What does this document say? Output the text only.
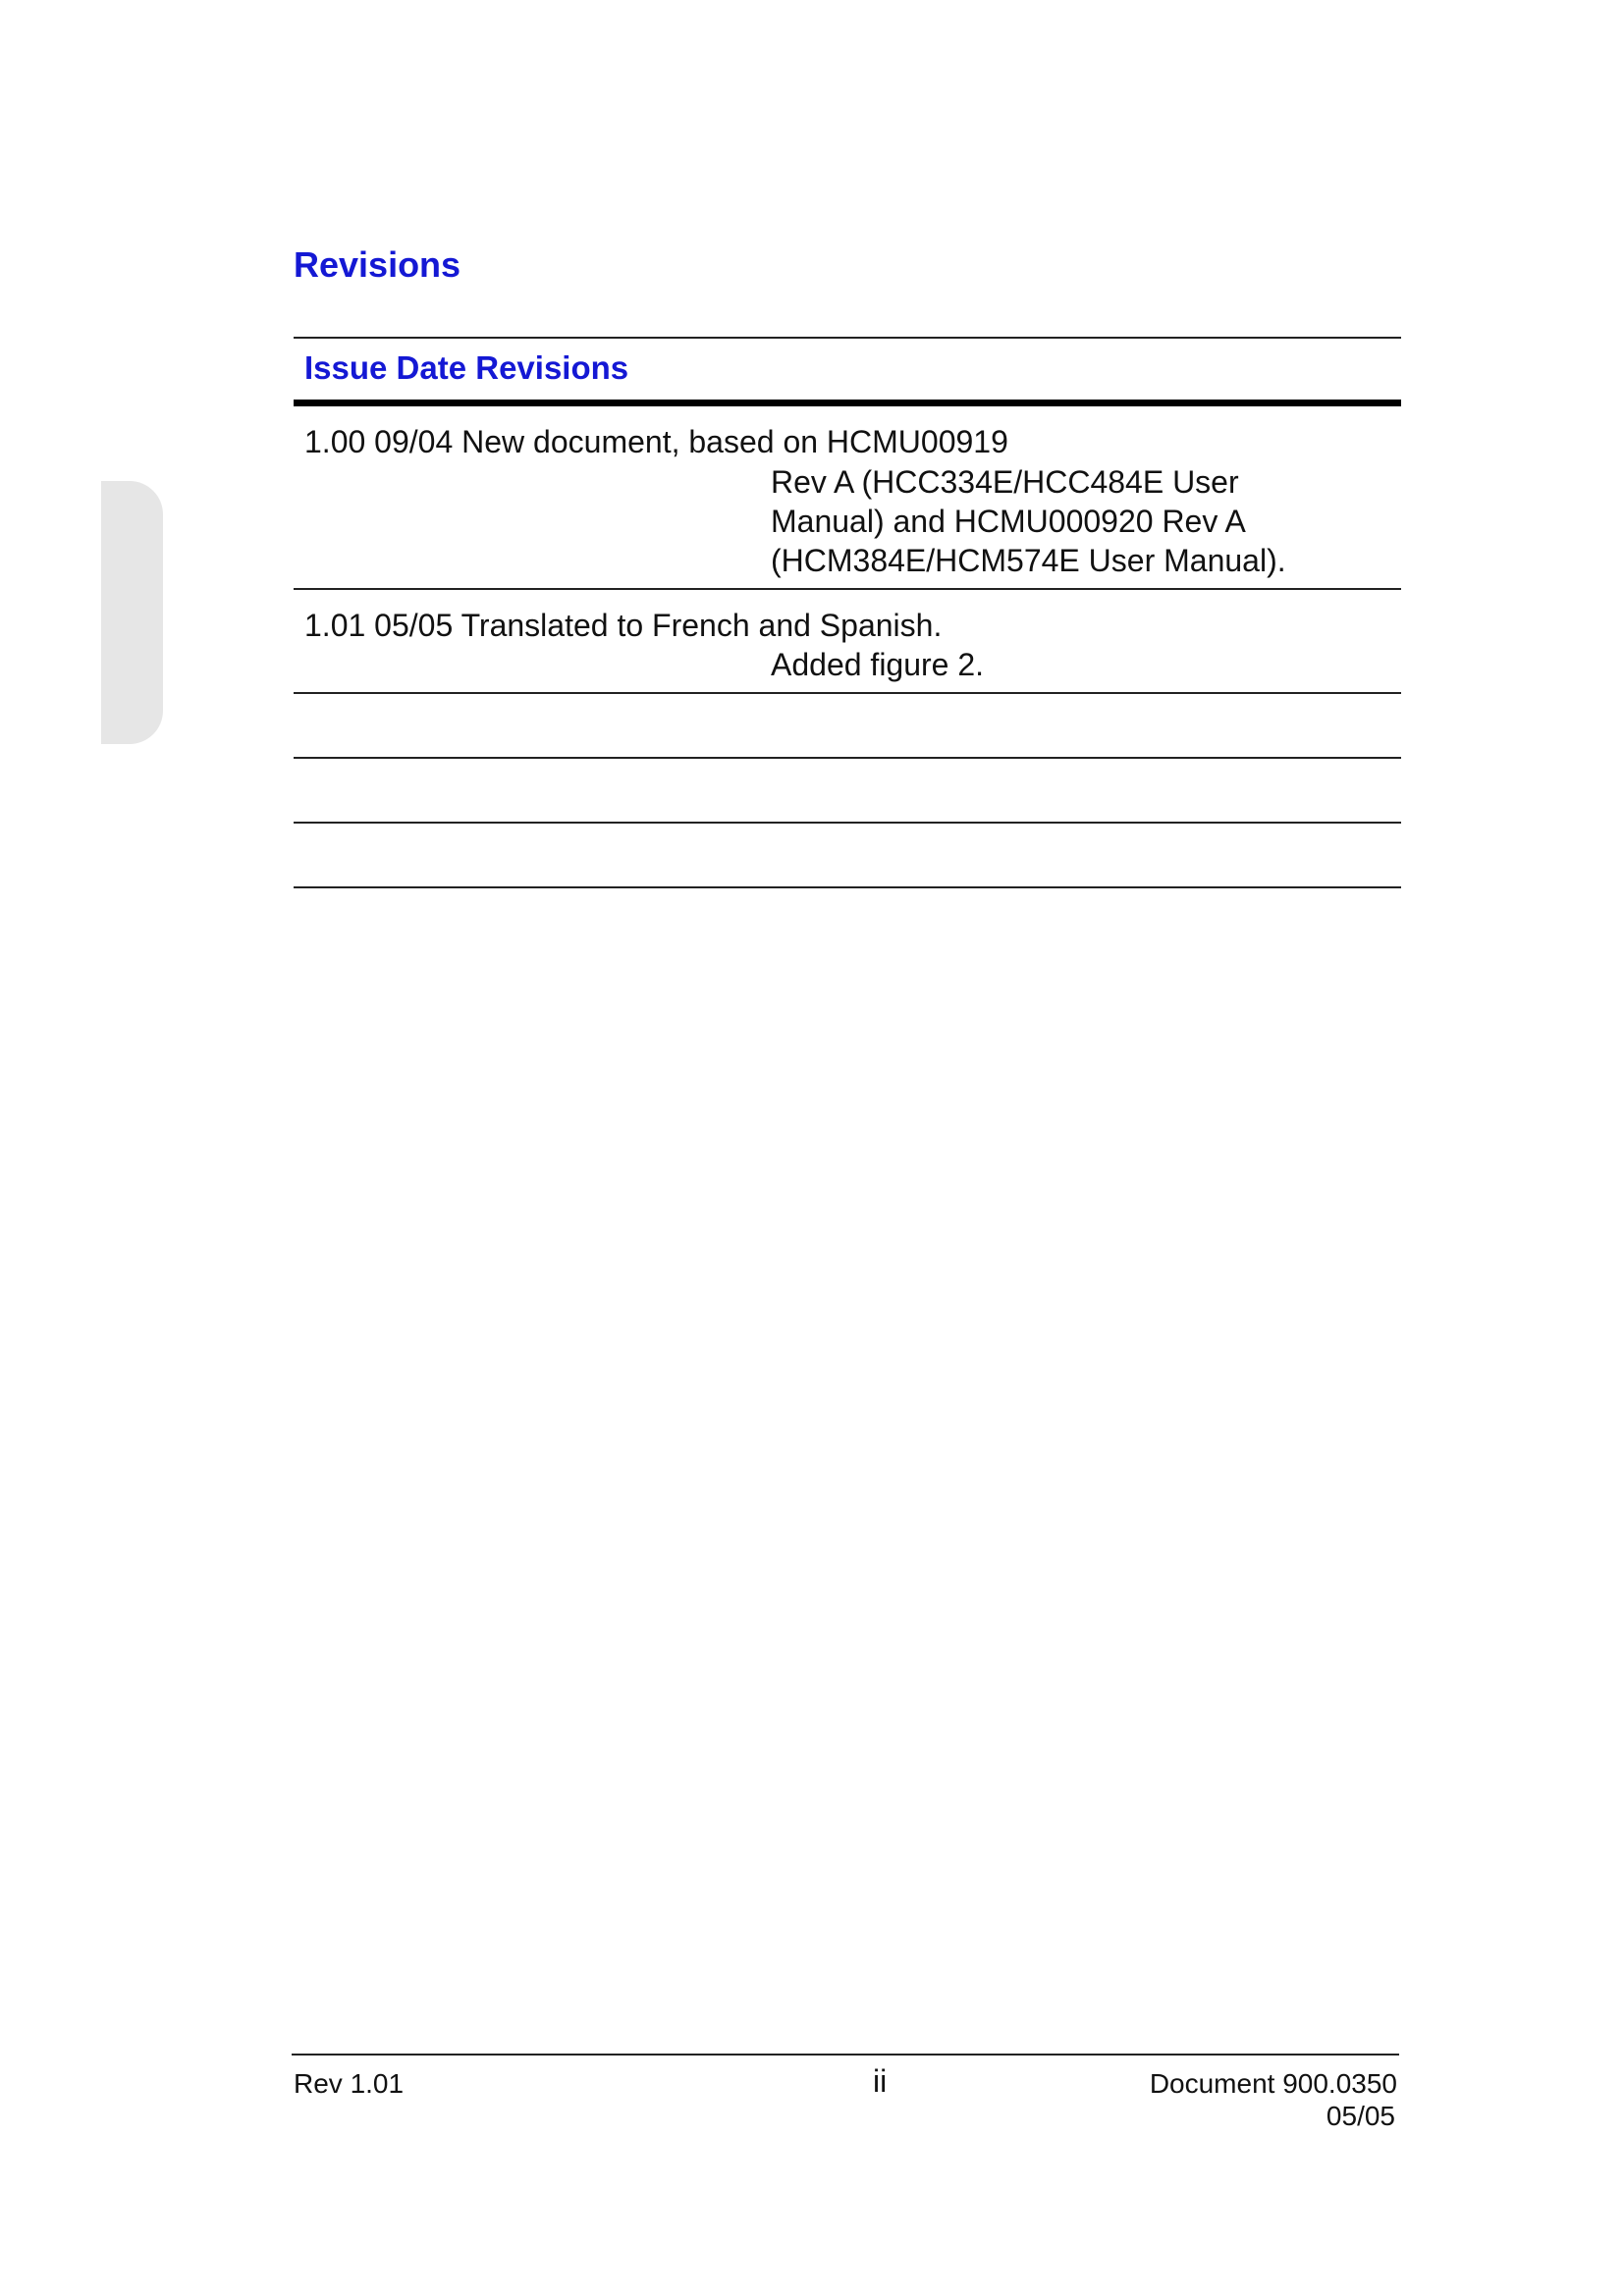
Revisions
Issue Date Revisions
1.00 09/04 New document, based on HCMU00919
Rev A (HCC334E/HCC484E User
Manual) and HCMU000920 Rev A
(HCM384E/HCM574E User Manual).
1.01 05/05 Translated to French and Spanish.
Added figure 2.
Rev 1.01	ii	Document 900.0350
05/05
